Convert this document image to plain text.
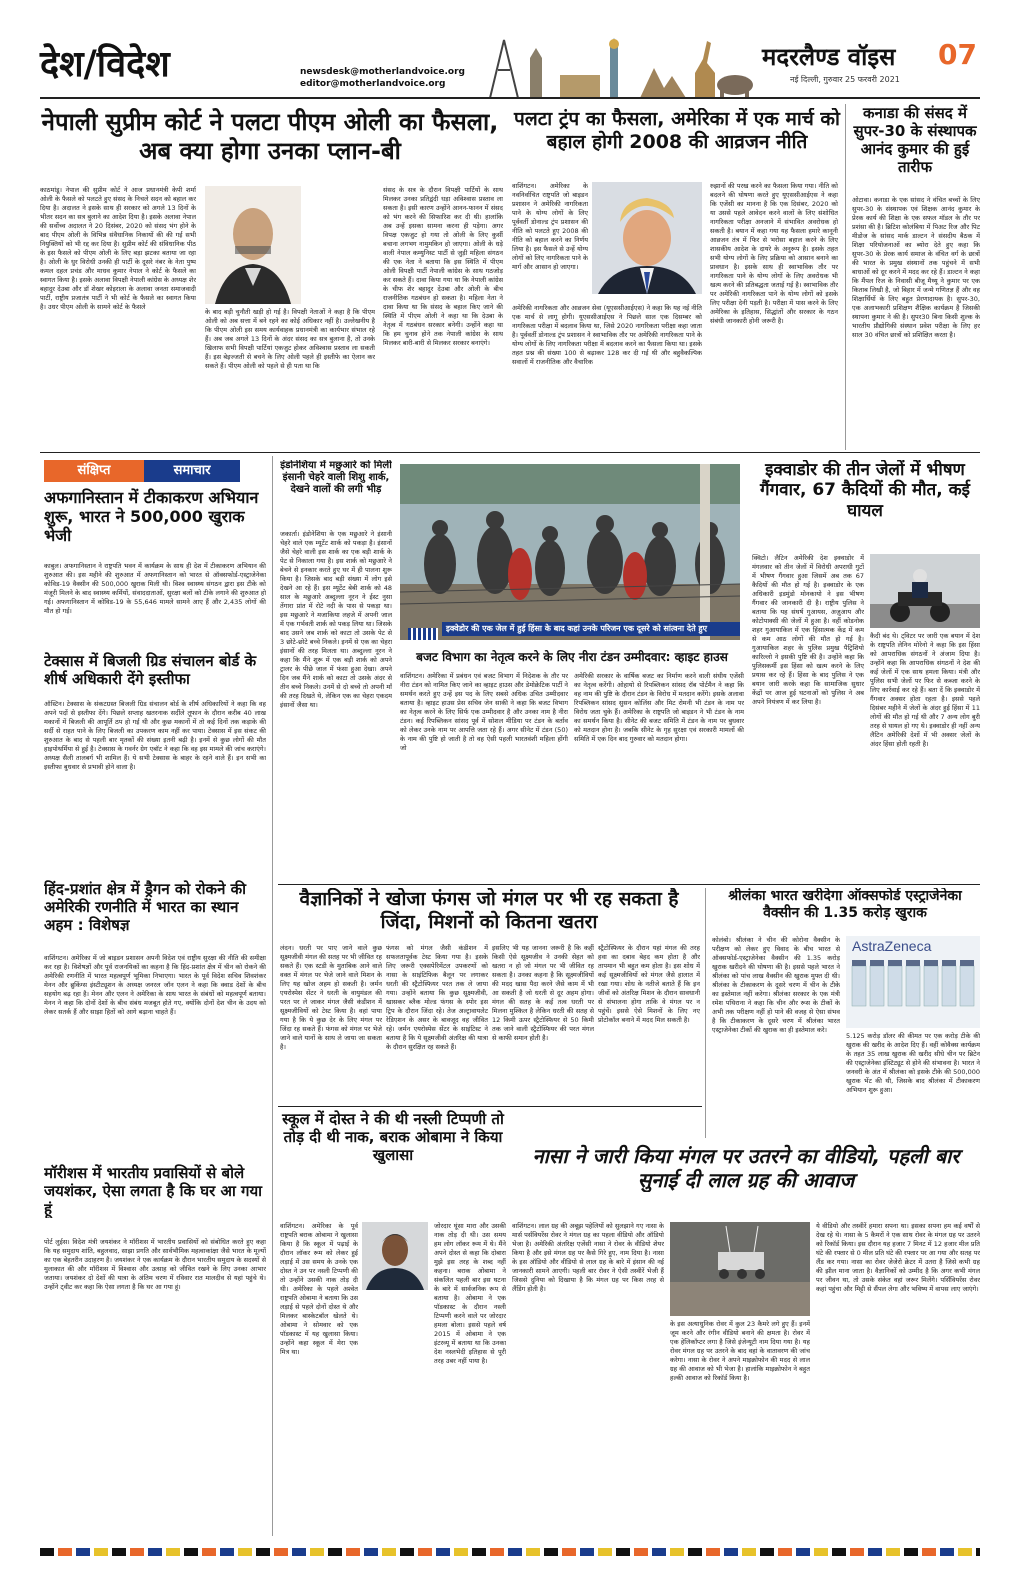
देश/विदेश	newsdesk@motherlandvoice.org
editor@motherlandvoice.org
मदरलैण्ड वॉइस 07
नई दिल्ली, गुरुवार 25 फरवरी 2021
नेपाली सुप्रीम कोर्ट ने पलटा पीएम ओली का फैसला, अब क्या होगा उनका प्लान-बी
काठमांडू। नेपाल की सुप्रीम कोर्ट ने आज प्रधानमंत्री केपी शर्मा ओली के फैसले को पलटते हुए संसद के निचले सदन को बहाल कर दिया है। अदालत ने इसके साथ ही सरकार को अगले 13 दिनों के भीतर सदन का सत्र बुलाने का आदेश दिया है। इसके अलावा नेपाल की सर्वोच्च अदालत ने 20 दिसंबर, 2020 को संसद भंग होने के बाद पीएम ओली के विभिन्न संवैधानिक निकायों की की गई सभी नियुक्तियों को भी रद्द कर दिया है। सुप्रीम कोर्ट की संविधानिक पीठ के इस फैसले को पीएम ओली के लिए बड़ा झटका बताया जा रहा है। ओली के धुर विरोधी उनकी ही पार्टी के दूसरे नंबर के नेता पुष्प कमल दहल प्रचंड और माधव कुमार नेपाल ने कोर्ट के फैसले का स्वागत किया है। इसके अलावा विपक्षी नेपाली कांग्रेस के अध्यक्ष शेर बहादुर देउबा और डॉ शेखर कोइराला के अलावा जनता समाजवादी पार्टी, राष्ट्रीय प्रजातंत्र पार्टी ने भी कोर्ट के फैसले का स्वागत किया है। उधर पीएम ओली के सामने कोर्ट के फैसले
के बाद बड़ी चुनौती खड़ी हो गई है। विपक्षी नेताओं ने कहा है कि पीएम ओली को अब सत्ता में बने रहने का कोई अधिकार नहीं है। उल्लेखनीय है कि पीएम ओली इस समय कार्यवाहक प्रधानमंत्री का कार्यभार संभाल रहे हैं। अब जब अगले 13 दिनों के अंदर संसद का सत्र बुलाना है, तो उनके खिलाफ सभी विपक्षी पार्टियां एकजुट होकर अविश्वास प्रस्ताव ला सकती हैं। इस बेइज्जती से बचने के लिए ओली पहले ही इस्तीफे का ऐलान कर सकते हैं। पीएम ओली को पहले से ही पता था कि
संसद के सत्र के दौरान विपक्षी पार्टियों के साथ मिलकर उनका प्रतिद्वंदी धड़ा अविश्वास प्रस्ताव ला सकता है। इसी कारण उन्होंने आनन-फानन में संसद को भंग करने की सिफारिश कर दी थी। हालांकि अब उन्हें इसका सामना करना ही पड़ेगा। अगर विपक्ष एकजुट हो गया तो ओली के लिए कुर्सी बचाना लगभग नामुमकिन हो जाएगा। ओली के धड़े वाली नेपाल कम्युनिस्ट पार्टी से जुड़ी महिला संगठन की एक नेता ने बताया कि इस स्थिति में पीएम ओली विपक्षी पार्टी नेपाली कांग्रेस के साथ गठजोड़ कर सकते हैं। दावा किया गया था कि नेपाली कांग्रेस के चीफ शेर बहादुर देउबा और ओली के बीच राजनीतिक गठबंधन हो सकता है। महिला नेता ने दावा किया था कि संसद के बहाल किए जाने की स्थिति में पीएम ओली ने कहा था कि देउबा के नेतृत्व में गठबंधन सरकार बनेगी। उन्होंने कहा था कि हम चुनाव होने तक नेपाली कांग्रेस के साथ मिलकर बारी-बारी से मिलकर सरकार बनाएंगे।
पलटा ट्रंप का फैसला, अमेरिका में एक मार्च को बहाल होगी 2008 की आव्रजन नीति
वाशिंगटन। अमेरिका के नवनिर्वाचित राष्ट्रपति जो बाइडन प्रशासन ने अमेरिकी नागरिकता पाने के योग्य लोगों के लिए पूर्ववर्ती डोनाल्ड ट्रंप प्रशासन की नीति को पलटते हुए 2008 की नीति को बहाल करने का निर्णय लिया है। इस फैसले से उन्हें योग्य लोगों को लिए नागरिकता पाने के मार्ग और आसान हो जाएगा।
अमेरिकी नागरिकता और आव्रजन सेवा (यूएससीआईएस) ने कहा कि यह नई नीति एक मार्च से लागू होगी। यूएससीआईएस ने पिछले साल एक दिसम्बर को नागरिकता परीक्षा में बदलाव किया था, जिसे 2020 नागरिकता परीक्षा कहा जाता है। पूर्ववर्ती डोनाल्ड ट्रंप प्रशासन ने स्वाभाविक तौर पर अमेरिकी नागरिकता पाने के योग्य लोगों के लिए नागरिकता परीक्षा में बदलाव करने का फैसला किया था। इसके तहत प्रश्न की संख्या 100 से बढ़ाकर 128 कर दी गई थी और बहुवैकल्पिक सवालों में राजनीतिक और वैचारिक
रुझानों की परख करने का फैसला किया गया। नीति को बदलने की घोषणा करते हुए यूएससीआईएस ने कहा कि एजेंसी का मानना है कि एक दिसंबर, 2020 को या उससे पहले आवेदन करने वालों के लिए संशोधित नागरिकता परीक्षा अनजाने में संभावित अवरोधक हो सकती है। बयान में कहा गया यह फैसला हमारे कानूनी आव्रजन तंत्र में फिर से भरोसा बहाल करने के लिए शासकीय आदेश के दायरे के अनुरूप है। इसके तहत सभी योग्य लोगों के लिए प्रक्रिया को आसान बनाने का प्रावधान है। इसके साथ ही स्वाभाविक तौर पर नागरिकता पाने के योग्य लोगों के लिए अवरोधक भी खत्म करने की प्रतिबद्धता जताई गई है। स्वाभाविक तौर पर अमेरिकी नागरिकता पाने के योग्य लोगों को इसके लिए परीक्षा देनी पड़ती है। परीक्षा में पास करने के लिए अमेरिका के इतिहास, सिद्धांतों और सरकार के गठन संबंधी जानकारी होनी जरूरी है।
कनाडा की संसद में सुपर-30 के संस्थापक आनंद कुमार की हुई तारीफ
ओटावा। कनाडा के एक सांसद ने वंचित बच्चों के लिए सुपर-30 के संस्थापक एवं शिक्षक आनंद कुमार के प्रेरक कार्य की शिक्षा के एक सफल मॉडल के तौर पर प्रशंसा की है। ब्रिटिश कोलंबिया में पिअट रिज और पिट मीडोज के सांसद मार्क डाल्टन ने संसदीय बैठक में शिक्षा परियोजनाओं का ब्योरा देते हुए कहा कि सुपर-30 के प्रेरक कार्य समाज के वंचित वर्ग के छात्रों की भारत के प्रमुख संस्थानों तक पहुंचने में सभी बाधाओं को दूर करने में मदद कर रहे हैं। डाल्टन ने कहा कि मैंपल रिज के निवासी बीजू मैथ्यू ने कुमार पर एक किताब लिखी है, जो बिहार में जन्मे गणितज्ञ हैं और वह शिक्षार्थियों के लिए बहुत प्रेरणादायक है। सुपर-30, एक अलाभकारी प्रशिक्षण शैक्षिक कार्यक्रम है जिसकी स्थापना कुमार ने की है। सुपर30 बिना किसी शुल्क के भारतीय प्रौद्योगिकी संस्थान प्रवेश परीक्षा के लिए हर साल 30 वंचित छात्रों को प्रशिक्षित करता है।
संक्षिप्त	समाचार
अफगानिस्तान में टीकाकरण अभियान शुरू, भारत ने 500,000 खुराक भेजी
काबुल। अफगानिस्तान ने राष्ट्रपति भवन में कार्यक्रम के साथ ही देश में टीकाकरण अभियान की शुरुआत की। इस महीने की शुरुआत में अफगानिस्तान को भारत से ऑक्सफोर्ड-एस्ट्राजेनेका कोविड-19 वैक्सीन की 500,000 खुराक मिली थी। विश्व स्वास्थ्य संगठन द्वारा इस टीके को मंजूरी मिलने के बाद स्वास्थ्य कर्मियों, संवाददाताओं, सुरक्षा बलों को टीके लगाने की शुरुआत हो गई। अफगानिस्तान में कोविड-19 के 55,646 मामले सामने आए हैं और 2,435 लोगों की मौत हो गई।
टेक्सास में बिजली ग्रिड संचालन बोर्ड के शीर्ष अधिकारी देंगे इस्तीफा
ऑस्टिन। टेक्सास के संकटग्रस्त बिजली ग्रिड संचालन बोर्ड के शीर्ष अधिकारियों ने कहा कि वह अपने पदों से इस्तीफा देंगे। पिछले सप्ताह खतरनाक सर्दीले तूफान के दौरान करीब 40 लाख मकानों में बिजली की आपूर्ति ठप हो गई थी और कुछ मकानों में तो कई दिनों तक कड़ाके की सर्दी से राहत पाने के लिए बिजली का उपकरण काम नहीं कर पाया। टेक्सास में इस संकट की शुरुआत के बाद से पहली बार मृतकों की संख्या इतनी बढ़ी है। इनमें से कुछ लोगों की मौत हाइपोथर्मिया से हुई है। टेक्सास के गवर्नर ग्रेग एबॉट ने कहा कि वह इस मामले की जांच कराएंगे। अध्यक्ष सैली तालबर्ग भी शामिल हैं। ये सभी टेक्सास के बाहर के रहने वाले हैं। इन सभी का इस्तीफा बुधवार से प्रभावी होने वाला है।
हिंद-प्रशांत क्षेत्र में ड्रैगन को रोकने की अमेरिकी रणनीति में भारत का स्थान अहम : विशेषज्ञ
वाशिंगटन। अमेरिका में जो बाइडन प्रशासन अपनी विदेश एवं राष्ट्रीय सुरक्षा की नीति की समीक्षा कर रहा है। विशेषज्ञों और पूर्व राजनयिकों का कहना है कि हिंद-प्रशांत क्षेत्र में चीन को रोकने की अमेरिकी रणनीति में भारत महत्वपूर्ण भूमिका निभाएगा। भारत के पूर्व विदेश सचिव शिवशंकर मेनन और ब्रुकिंग्स इंस्टीट्यूशन के अध्यक्ष जनरल जॉन एलन ने कहा कि क्वाड देशों के बीच सहयोग बढ़ रहा है। मेनन और एलन ने अमेरिका के साथ भारत के संबंधों को महत्वपूर्ण बताया। मेनन ने कहा कि दोनों देशों के बीच संबंध मजबूत होते गए, क्योंकि दोनों देश चीन के उदय को लेकर सतर्क हैं और साझा हितों को आगे बढ़ाना चाहते हैं।
मॉरीशस में भारतीय प्रवासियों से बोले जयशंकर, ऐसा लगता है कि घर आ गया हूं
पोर्ट लुईस। विदेश मंत्री जयशंकर ने मॉरीशस में भारतीय प्रवासियों को संबोधित करते हुए कहा कि यह समुदाय शांति, बहुलवाद, साझा प्रगति और सार्वभौमिक महत्वाकांक्षा जैसे भारत के मूल्यों का एक बेहतरीन उदाहरण है। जयशंकर ने एक कार्यक्रम के दौरान भारतीय समुदाय के सदस्यों से मुलाकात की और मॉरीशस में विश्वास और उत्साह को जीवित रखने के लिए उनका आभार जताया। जयशंकर दो देशों की यात्रा के अंतिम चरण में रविवार रात मालदीव से यहां पहुंचे थे। उन्होंने ट्वीट कर कहा कि ऐसा लगता है कि घर आ गया हूं।
इंडोनेशिया में मछुआरे को मिली इंसानी चेहरे वाली शिशु शार्क, देखने वालों की लगी भीड़
जकार्ता। इंडोनेशिया के एक मछुआरे ने इंसानी चेहरे वाले एक म्यूटेंट शार्क को पकड़ा है। इंसानों जैसे चेहरे वाली इस शार्क का एक बड़ी शार्क के पेट से निकाला गया है। इस शार्क को मछुआरे ने बेचने से इनकार करते हुए घर में ही पालना शुरू किया है। जिसके बाद बड़ी संख्या में लोग इसे देखने आ रहे हैं। इस म्यूटेंट बेबी शार्क को 48 साल के मछुआरे अब्दुल्ला नूरन ने ईस्ट नुसा तेंगारा प्रांत में रोटे नदी के पास से पकड़ा था। इस मछुआरे ने मजाकिया लहजे में अपनी जाल में एक गर्भवती शार्क को पकड़ लिया था। जिसके बाद उसने जब शार्क को काटा तो उसके पेट से 3 छोटे-छोटे बच्चे निकले। इनमें से एक का चेहरा इंसानों की तरह मिलता था। अब्दुल्ला नूरन ने कहा कि मैंने शुरू में एक बड़ी शार्क को अपने ट्रालर के पीछे जाल में फंसा हुआ देखा। अपने दिन जब मैंने शार्क को काटा तो उसके अंदर से तीन बच्चे निकले। उनमें से दो बच्चे तो अपनी माँ की तरह दिखते थे, लेकिन एक का चेहरा एकदम इंसानों जैसा था।
इक्वेडोर की एक जेल में हुई हिंसा के बाद कहां उनके परिजन एक दूसरे को सांत्वना देते हुए
इक्वाडोर की तीन जेलों में भीषण गैंगवार, 67 कैदियों की मौत, कई घायल
क्विटो। लैटिन अमेरिकी देश इक्वाडोर में मंगलवार को तीन जेलों में विरोधी अपराधी गुटों में भीषण गैंगवार हुआ जिसमें अब तक 67 कैदियों की मौत हो गई है। इक्वाडोर के एक अधिकारी इडमुंडो मोनकायो ने इस भीषण गैंगवार की जानकारी दी है। राष्ट्रीय पुलिस ने बताया कि यह संघर्ष गुआयस, अज़ुआय और कोटोपाक्सी की जेलों में हुआ है। वहीं कोडनोक शहर गुआयाकिल में एक हिंसात्मक केंद्र में कम से कम आठ लोगों की मौत हो गई है। गुआयाकिल शहर के पुलिस प्रमुख पैट्रिशियो कारिल्लो ने इसकी पुष्टि की है। उन्होंने कहा कि पुलिसकर्मी इस हिंसा को खत्म करने के लिए प्रयास कर रहे हैं। हिंसा के बाद पुलिस ने एक बयान जारी करके कहा कि सामाजिक सुधार केंद्रों पर आज हुई घटनाओं को पुलिस ने अब अपने नियंत्रण में कर लिया है।
कैदी बंद थे। ट्विटर पर जारी एक बयान में देश के राष्ट्रपति लेनिन मोरेनो ने कहा कि इस हिंसा को आपराधिक संगठनों ने अंजाम दिया है। उन्होंने कहा कि आपराधिक संगठनों ने देश की कई जेलों में एक साथ हमला किया। मंत्री और पुलिस सभी जेलों पर फिर से कब्जा करने के लिए कार्रवाई कर रहे हैं। बता दें कि इक्वाडोर में गैंगवार अक्सर होता रहता है। इससे पहले दिसंबर महीने में जेलों के अंदर हुई हिंसा में 11 लोगों की मौत हो गई थी और 7 अन्य लोग बुरी तरह से घायल हो गए थे। इक्वाडोर ही नहीं अन्य लैटिन अमेरिकी देशों में भी अक्सर जेलों के अंदर हिंसा होती रहती है।
बजट विभाग का नेतृत्व करने के लिए नीरा टंडन उम्मीदवार: व्हाइट हाउस
वाशिंगटन। अमेरिका में प्रबंधन एवं बजट विभाग में निदेशक के तौर पर नीरा टंडन को नामित किए जाने का व्हाइट हाउस और डेमोक्रेटिक पार्टी ने समर्थन करते हुए उन्हें इस पद के लिए सबसे अधिक उचित उम्मीदवार बताया है। व्हाइट हाउस प्रेस सचिव जेन साकी ने कहा कि बजट विभाग का नेतृत्व करने के लिए सिर्फ एक उम्मीदवार है और उनका नाम है नीरा टंडन। कई रिपब्लिकन सांसद पूर्व में सोशल मीडिया पर टंडन के बर्ताव को लेकर उनके नाम पर आपत्ति जता रहे हैं। अगर सीनेट में टंडन (50) के नाम की पुष्टि हो जाती है तो वह ऐसी पहली भारतवंशी महिला होंगी जो
अमेरिकी सरकार के वार्षिक बजट का निर्माण करने वाली संघीय एजेंसी का नेतृत्व करेंगी। ओहायो से रिपब्लिकन सांसद रॉब पोर्टमैन ने कहा कि वह नाम की पुष्टि के दौरान टंडन के विरोध में मतदान करेंगे। इसके अलावा रिपब्लिकन सांसद सुसन कोलिंस और मिट रोमनी भी टंडन के नाम पर विरोध जता चुके हैं। अमेरिका के राष्ट्रपति जो बाइडन ने भी टंडन के नाम का समर्थन किया है। सीनेट की बजट समिति में टंडन के नाम पर बुधवार को मतदान होना है। जबकि सीनेट के गृह सुरक्षा एवं सरकारी मामलों की समिति में एक दिन बाद गुरुवार को मतदान होगा।
वैज्ञानिकों ने खोजा फंगस जो मंगल पर भी रह सकता है जिंदा, मिशनों को कितना खतरा
लंदन। धरती पर पाए जाने वाले कुछ सूक्ष्मजीवी मंगल की सतह पर भी जीवित रह सकते हैं। एक स्टडी के मुताबिक आने वाले वक्त में मंगल पर भेजे जाने वाले मिशन के लिए यह खोज अहम हो सकती है। जर्मन एयरोस्पेस सेंटर ने धरती के वायुमंडल की परत पर ले जाकर मंगल जैसी कंडीशन में सूक्ष्मजीवियों को टेस्ट किया है। वहां पाया गया है कि ये कुछ देर के लिए मंगल पर जिंदा रह सकते हैं। फंगस को मंगल पर भेजे जाने वाले यानों के साथ ले जाया जा सकता है।
फंगस को मंगल जैसी कंडीशन में सफलतापूर्वक टेस्ट किया गया है। इसके लिए जरूरी एक्सपेरिमेंटल उपकरणों को नासा के साइंटिफिक बैलून पर लगाकर धरती की स्ट्रैटोस्फियर परत तक ले जाया गया। उन्होंने बताया कि कुछ सूक्ष्मजीवी, खासकर ब्लैक मोल्ड फंगस के स्पोर इस ट्रिप के दौरान जिंदा रहे। तेज अल्ट्रावायलेट रेडिएशन के असर के बावजूद वह जीवित रहे। जर्मन एयरोस्पेस सेंटर के साइंटिस्ट ने बताया है कि ये सूक्ष्मजीवी अंतरिक्ष की यात्रा के दौरान सुरक्षित रह सकते हैं।
इसलिए भी यह जानना जरूरी है कि कहीं किसी ऐसे सूक्ष्मजीव ने उनकी सेहत को खतरा न हो जो मंगल पर भी जीवित रह सकता है। उनका कहना है कि सूक्ष्मजीवियों की मदद खास पैदा करने जैसे काम में भी आ सकती है जो धरती से दूर अहम होगा। मंगल की सतह के कई तत्व धरती पर मिलना मुश्किल है लेकिन धरती की सतह से 12 किमी ऊपर स्ट्रैटोस्फियर से 50 किमी तक जाने वाली स्ट्रैटोस्फियर की परत मंगल से काफी समान होती है।
स्ट्रैटोस्फियर के दौरान यहां मंगल की तरह हवा का दबाव बेहद कम होता है और तापमान भी बहुत कम होता है। इस शोध में कई सूक्ष्मजीवियों को मंगल जैसे हालात में रखा गया। शोध के नतीजे बताते हैं कि इन जीवों को अंतरिक्ष मिशन के दौरान सावधानी से संभालना होगा ताकि वे मंगल पर न पहुंचें। इससे ऐसे मिशनों के लिए नए प्रोटोकॉल बनाने में मदद मिल सकती है।
श्रीलंका भारत खरीदेगा ऑक्सफोर्ड एस्ट्राजेनेका वैक्सीन की 1.35 करोड़ खुराक
कोलंबो। श्रीलंका ने चीन की कोरोना वैक्सीन के परीक्षण को लेकर हुए विवाद के बीच भारत से ऑक्सफोर्ड-एस्ट्राजेनेका वैक्सीन की 1.35 करोड़ खुराक खरीदने की घोषणा की है। इससे पहले भारत ने श्रीलंका को पांच लाख वैक्सीन की खुराक मुफ्त दी थी। श्रीलंका के टीकाकरण के दूसरे चरण में चीन के टीके का इस्तेमाल नहीं करेगा। श्रीलंका सरकार के एक मंत्री रमेश पथिराना ने कहा कि चीन और रूस के टीकों के अभी तक परीक्षण नहीं हो पाने की वजह से ऐसा संभव है कि टीकाकरण के दूसरे चरण में श्रीलंका भारत एस्ट्राजेनेका टीकों की खुराक का ही इस्तेमाल करे।
AstraZeneca
5.125 करोड़ डॉलर की कीमत पर एक करोड़ टीके की खुराक की खरीद के आदेश दिए हैं। वहीं कोवैक्स कार्यक्रम के तहत 35 लाख खुराक की खरीद सीधे चीन पर ब्रिटेन की एस्ट्राजेनेका इंस्टिट्यूट से होने की संभावना है। भारत ने जनवरी के अंत में श्रीलंका को इसके टीके की 500,000 खुराक भेंट की थी, जिसके बाद श्रीलंका में टीकाकरण अभियान शुरू हुआ।
स्कूल में दोस्त ने की थी नस्ली टिप्पणी तो तोड़ दी थी नाक, बराक ओबामा ने किया खुलासा
वाशिंगटन। अमेरिका के पूर्व राष्ट्रपति बराक ओबामा ने खुलासा किया है कि स्कूल में पढ़ाई के दौरान लॉकर रूम को लेकर हुई लड़ाई में उस समय के उनके एक दोस्त ने उन पर नस्ली टिप्पणी की तो उन्होंने उसकी नाक तोड़ दी थी। अमेरिका के पहले अश्वेत राष्ट्रपति ओबामा ने बताया कि उस लड़ाई से पहले दोनों दोस्त थे और मिलकर बास्केटबॉल खेलते थे। ओबामा ने सोमवार को एक पॉडकास्ट में यह खुलासा किया। उन्होंने कहा स्कूल में मेरा एक मित्र था।
जोरदार घूंसा मारा और उसकी नाक तोड़ दी थी। उस समय हम लोग लॉकर रूम में थे। मैंने अपने दोस्त से कहा कि दोबारा मुझे इस तरह के शब्द नहीं कहना। बराक ओबामा ने संकलित पहली बार इस घटना के बारे में सार्वजनिक रूप से बताया है। ओबामा ने एक पॉडकास्ट के दौरान नस्ली टिप्पणी करने वाले पर जोरदार हमला बोला। इससे पहले वर्ष 2015 में ओबामा ने एक इंटरव्यू में बताया था कि उनका देश नस्लभेदी इतिहास से पूरी तरह उबर नहीं पाया है।
नासा ने जारी किया मंगल पर उतरने का वीडियो, पहली बार सुनाई दी लाल ग्रह की आवाज
वाशिंगटन। लाल ग्रह की अबूझ पहेलियों को सुलझाने गए नासा के मार्स पर्सवियरेंस रोवर ने मंगल ग्रह का पहला वीडियो और ऑडियो भेजा है। अमेरिकी अंतरिक्ष एजेंसी नासा ने रोवर के वीडियो शेयर किया है और इसे मंगल ग्रह पर कैसे गिरे हुए, नाम दिया है। नासा के इस ऑडियो और वीडियो से लाल ग्रह के बारे में इंसान की नई जानकारी सामने आएगी। पहली बार रोवर ने ऐसी तस्वीरें भेजी हैं जिससे दुनिया को दिखाया है कि मंगल ग्रह पर किस तरह से लैंडिंग होती है।
के इस अत्याधुनिक रोवर में कुल 23 कैमरे लगे हुए हैं। इनमें जूम करने और रंगीन वीडियो बनाने की क्षमता है। रोवर में एक हेलिकॉप्टर लगा है जिसे इंजेन्यूटी नाम दिया गया है। यह रोवर मंगल ग्रह पर उतरने के बाद वहां के वातावरण की जांच करेगा। नासा के रोवर ने अपने माइक्रोफोन की मदद से लाल ग्रह की आवाज को भी भेजा है। हालांकि माइक्रोफोन ने बहुत हल्की आवाज को रिकॉर्ड किया है।
ये वीडियो और तस्वीरें हमारा सपना था। इसका सपना हम कई वर्षों से देख रहे थे। नासा के 5 कैमरों ने एक साथ रोवर के मंगल ग्रह पर उतरने को रिकॉर्ड किया। इस दौरान यह हजार 7 मिनट में 12 हजार मील प्रति घंटे की रफ्तार से 0 मील प्रति घंटे की रफ्तार पर आ गया और सतह पर लैंड कर गया। नासा का रोवर जेजेरो क्रेटर में उतरा है जिसे कभी ग्रह की झील माना जाता है। वैज्ञानिकों को उम्मीद है कि अगर कभी मंगल पर जीवन था, तो उसके संकेत वहां जरूर मिलेंगे। पर्सिवियरेंस रोवर कहां पहुंचा और मिट्टी से सैंपल लेगा और भविष्य में वापस लाए जाएंगे।
